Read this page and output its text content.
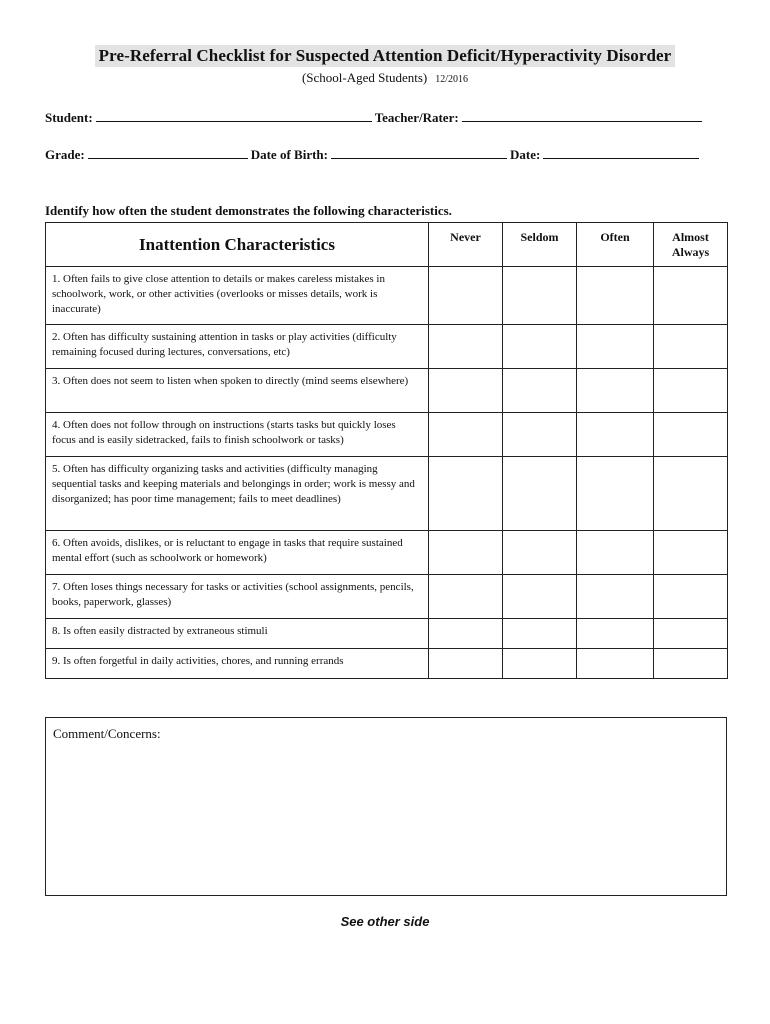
Pre-Referral Checklist for Suspected Attention Deficit/Hyperactivity Disorder
(School-Aged Students) 12/2016
Student:	Teacher/Rater:
Grade:	Date of Birth:	Date:
Identify how often the student demonstrates the following characteristics.
Inattention Characteristics	Never	Seldom	Often	Almost Always
1. Often fails to give close attention to details or makes careless mistakes in schoolwork, work, or other activities (overlooks or misses details, work is inaccurate)				
2. Often has difficulty sustaining attention in tasks or play activities (difficulty remaining focused during lectures, conversations, etc)				
3. Often does not seem to listen when spoken to directly (mind seems elsewhere)				
4. Often does not follow through on instructions (starts tasks but quickly loses focus and is easily sidetracked, fails to finish schoolwork or tasks)				
5. Often has difficulty organizing tasks and activities (difficulty managing sequential tasks and keeping materials and belongings in order; work is messy and disorganized; has poor time management; fails to meet deadlines)				
6. Often avoids, dislikes, or is reluctant to engage in tasks that require sustained mental effort (such as schoolwork or homework)				
7. Often loses things necessary for tasks or activities (school assignments, pencils, books, paperwork, glasses)				
8. Is often easily distracted by extraneous stimuli				
9. Is often forgetful in daily activities, chores, and running errands				
Comment/Concerns:
See other side
